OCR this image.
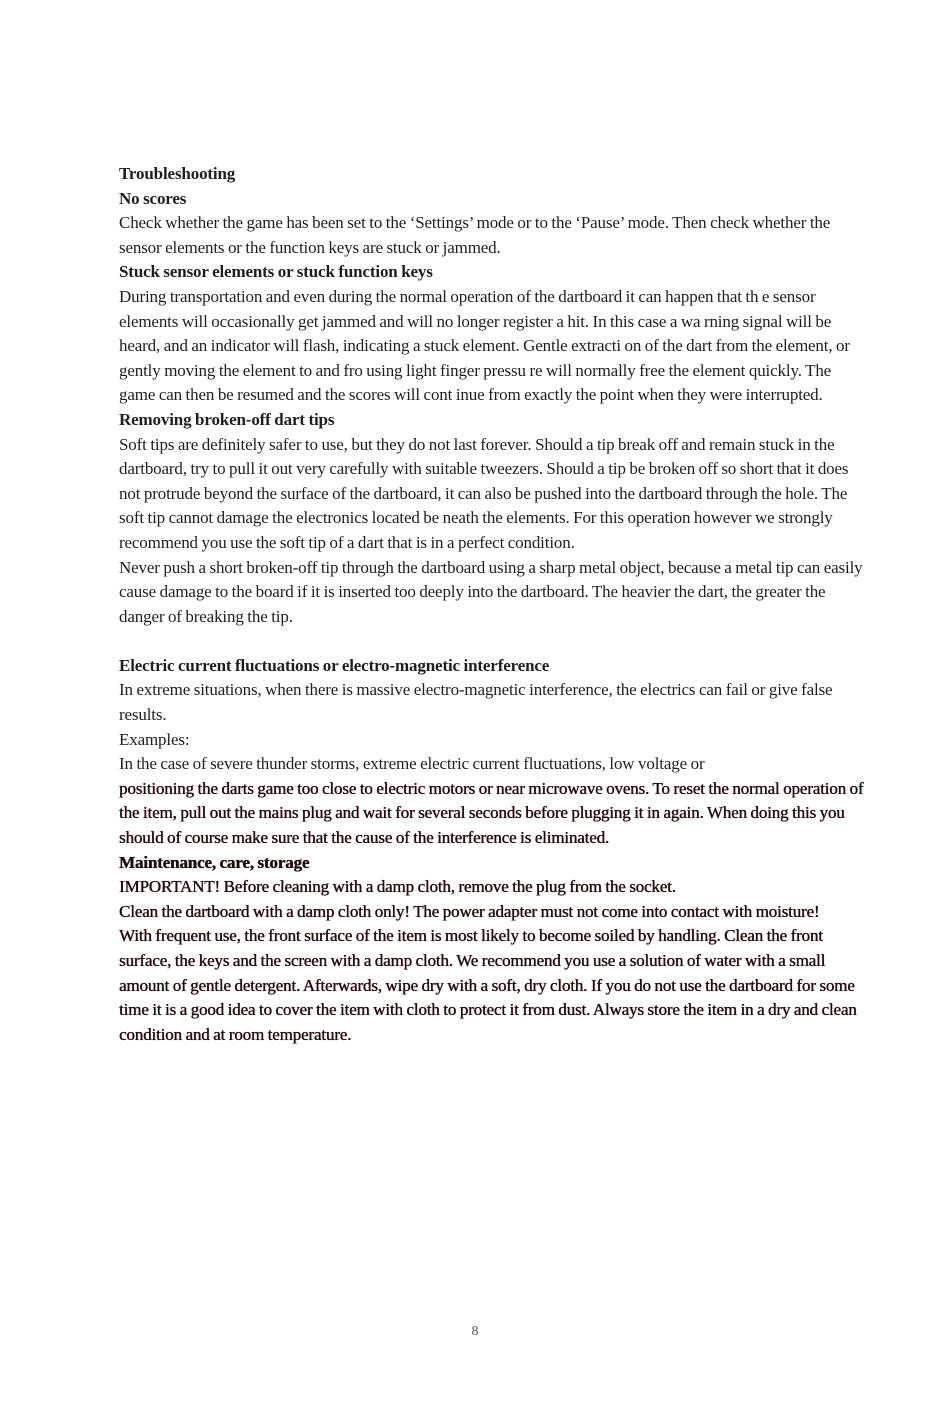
Troubleshooting
No scores

Check whether the game has been set to the ‘Settings’ mode or to the ‘Pause’ mode. Then check whether the sensor elements or the function keys are stuck or jammed.

Stuck sensor elements or stuck function keys

During transportation and even during the normal operation of the dartboard it can happen that th e sensor elements will occasionally get jammed and will no longer register a hit. In this case a wa rning signal will be heard, and an indicator will flash, indicating a stuck element. Gentle extracti on of the dart from the element, or gently moving the element to and fro using light finger pressu re will normally free the element quickly. The game can then be resumed and the scores will cont inue from exactly the point when they were interrupted.

Removing broken-off dart tips

Soft tips are definitely safer to use, but they do not last forever. Should a tip break off and remain stuck in the dartboard, try to pull it out very carefully with suitable tweezers. Should a tip be broken off so short that it does not protrude beyond the surface of the dartboard, it can also be pushed into the dartboard through the hole. The soft tip cannot damage the electronics located be neath the elements. For this operation however we strongly recommend you use the soft tip of a dart that is in a perfect condition.

Never push a short broken-off tip through the dartboard using a sharp metal object, because a metal tip can easily cause damage to the board if it is inserted too deeply into the dartboard. The heavier the dart, the greater the danger of breaking the tip.

Electric current fluctuations or electro-magnetic interference

In extreme situations, when there is massive electro-magnetic interference, the electrics can fail or give false results.

Examples:

In the case of severe thunder storms, extreme electric current fluctuations, low voltage or

positioning the darts game too close to electric motors or near microwave ovens. To reset the normal operation of the item, pull out the mains plug and wait for several seconds before plugging it in again. When doing this you should of course make sure that the cause of the interference is eliminated.

Maintenance, care, storage

IMPORTANT! Before cleaning with a damp cloth, remove the plug from the socket.

Clean the dartboard with a damp cloth only! The power adapter must not come into contact with moisture!

With frequent use, the front surface of the item is most likely to become soiled by handling. Clean the front surface, the keys and the screen with a damp cloth. We recommend you use a solution of water with a small amount of gentle detergent. Afterwards, wipe dry with a soft, dry cloth. If you do not use the dartboard for some time it is a good idea to cover the item with cloth to protect it from dust. Always store the item in a dry and clean condition and at room temperature.

8
